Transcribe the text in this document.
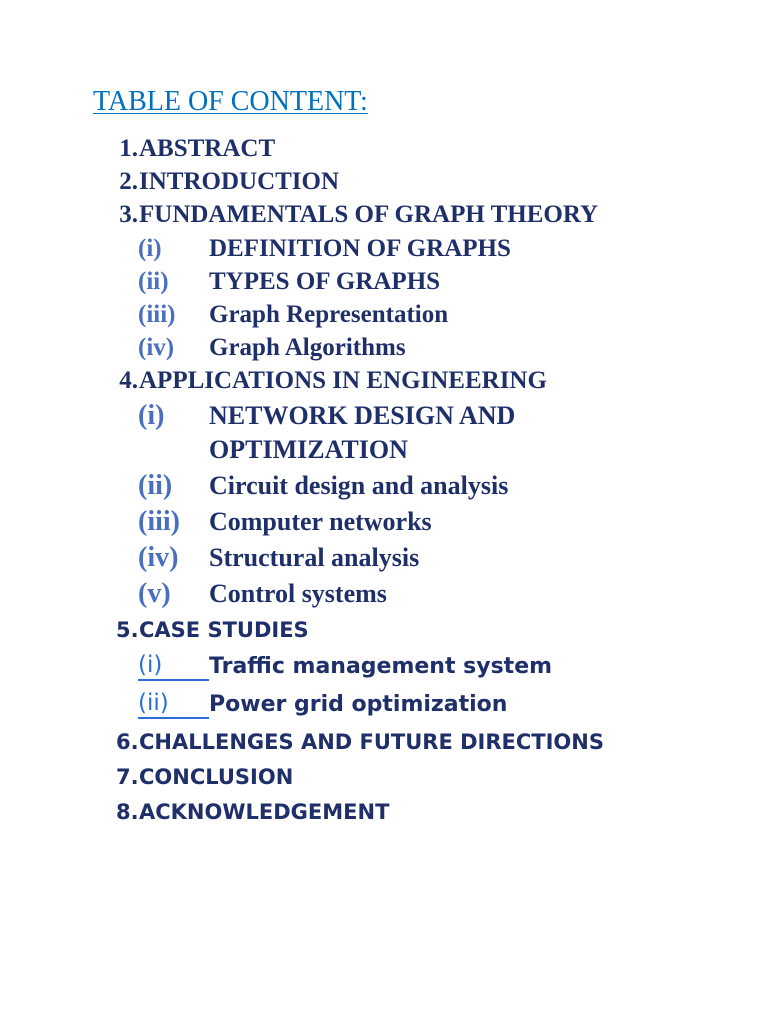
TABLE OF CONTENT:
1. ABSTRACT
2. INTRODUCTION
3. FUNDAMENTALS OF GRAPH THEORY
(i) DEFINITION OF GRAPHS
(ii) TYPES OF GRAPHS
(iii) Graph Representation
(iv) Graph Algorithms
4. APPLICATIONS IN ENGINEERING
(i) NETWORK DESIGN AND
OPTIMIZATION
(ii) Circuit design and analysis
(iii) Computer networks
(iv) Structural analysis
(v) Control systems
5. CASE STUDIES
(i)	Traffic management system
(ii)	Power grid optimization
6. CHALLENGES AND FUTURE DIRECTIONS
7. CONCLUSION
8. ACKNOWLEDGEMENT
